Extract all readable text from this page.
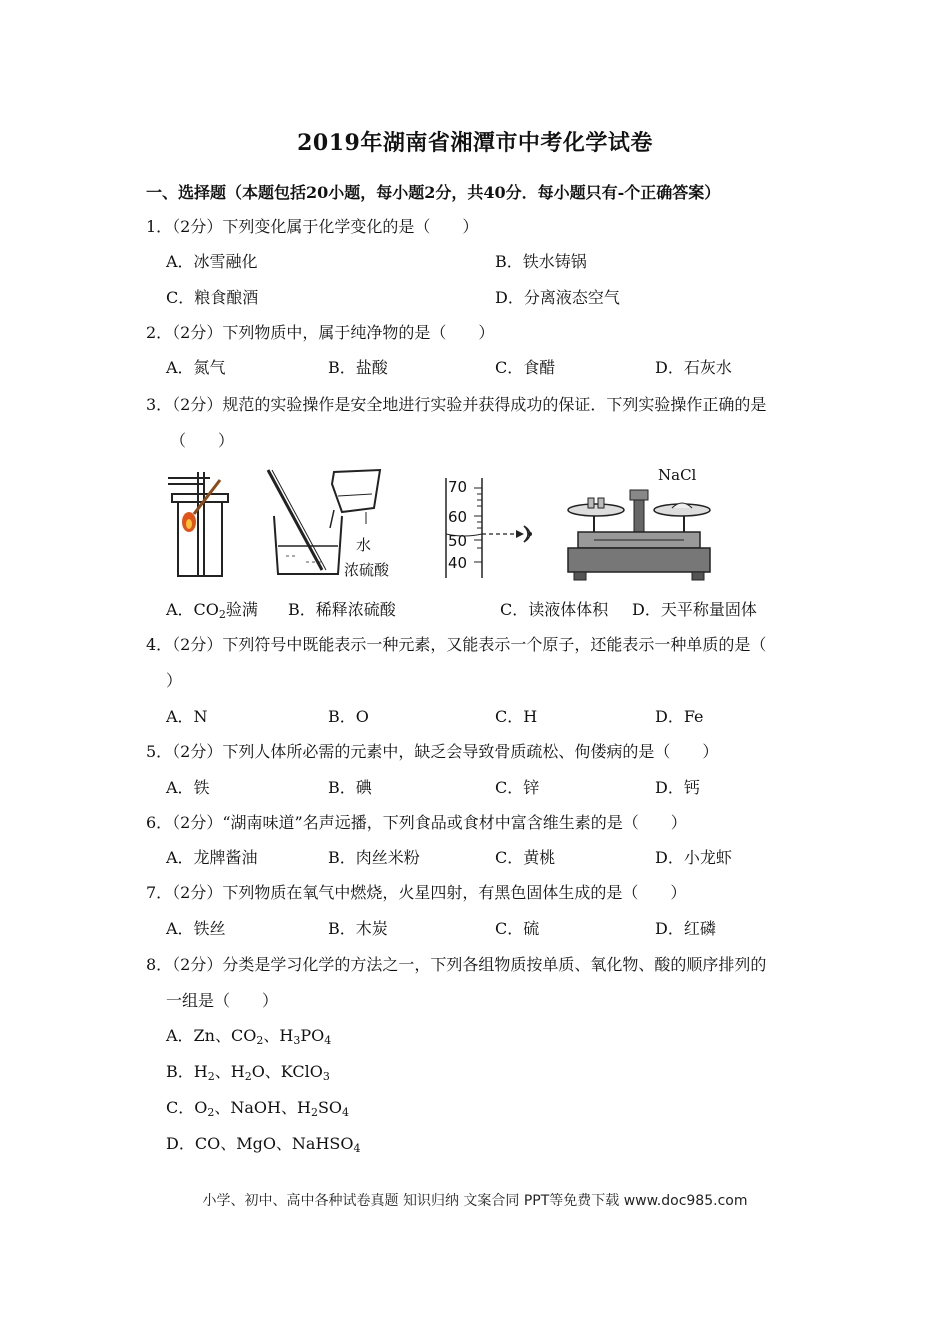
2019年湖南省湘潭市中考化学试卷
一、选择题（本题包括20小题，每小题2分，共40分．每小题只有-个正确答案）
1．（2分）下列变化属于化学变化的是（　　）
A．冰雪融化	B．铁水铸锅
C．粮食酿酒	D．分离液态空气
2．（2分）下列物质中，属于纯净物的是（　　）
A．氮气	B．盐酸	C．食醋	D．石灰水
3．（2分）规范的实验操作是安全地进行实验并获得成功的保证．下列实验操作正确的是
（　　）
水
浓硫酸
70
60
50
40
NaCl
A．$CO_2$验满 B．稀释浓硫酸	C．读液体体积 D．天平称量固体
4．（2分）下列符号中既能表示一种元素，又能表示一个原子，还能表示一种单质的是（
）
A．N	B．O	C．H	D．Fe
5．（2分）下列人体所必需的元素中，缺乏会导致骨质疏松、佝偻病的是（　　）
A．铁	B．碘	C．锌	D．钙
6．（2分）“湖南味道”名声远播，下列食品或食材中富含维生素的是（　　）
A．龙牌酱油	B．肉丝米粉	C．黄桃	D．小龙虾
7．（2分）下列物质在氧气中燃烧，火星四射，有黑色固体生成的是（　　）
A．铁丝	B．木炭	C．硫	D．红磷
8．（2分）分类是学习化学的方法之一，下列各组物质按单质、氧化物、酸的顺序排列的
一组是（　　）
A．Zn、$CO_2$、$H_3PO_4$
B．$H_2$、$H_2O$、KClO$_3$
C．$O_2$、NaOH、$H_2SO_4$
D．CO、MgO、NaHSO$_4$
小学、初中、高中各种试卷真题 知识归纳 文案合同 PPT等免费下载 www.doc985.com
